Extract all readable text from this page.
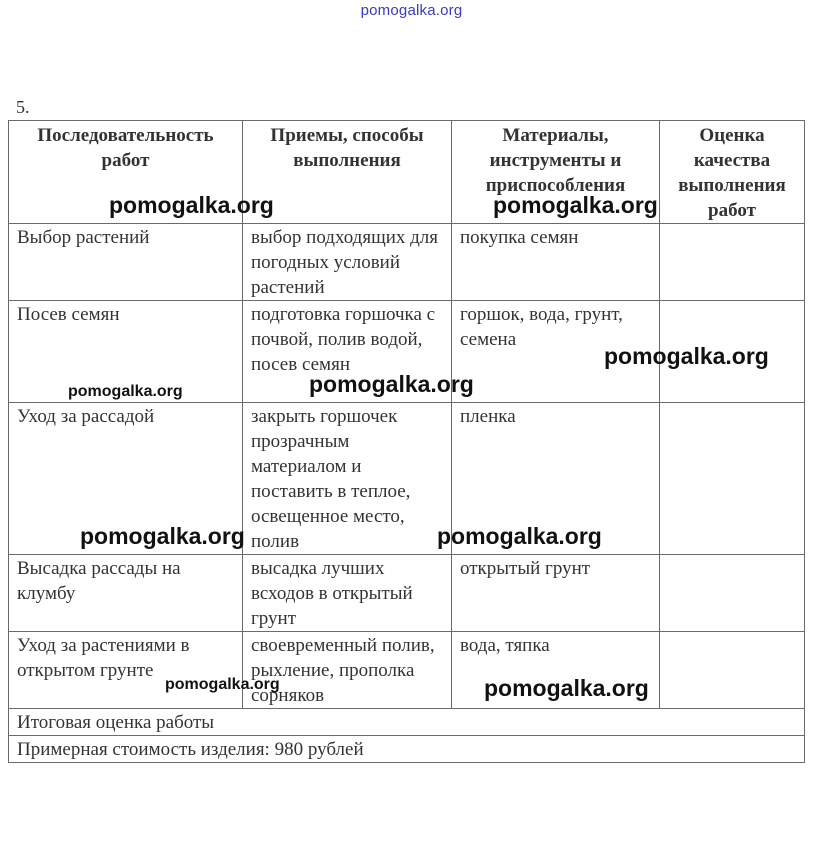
pomogalka.org
5.
Последовательность работ	Приемы, способы выполнения	Материалы, инструменты и приспособления	Оценка качества выполнения работ
Выбор растений	выбор подходящих для погодных условий растений	покупка семян	
Посев семян	подготовка горшочка с почвой, полив водой, посев семян	горшок, вода, грунт, семена	
Уход за рассадой	закрыть горшочек прозрачным материалом и поставить в теплое, освещенное место, полив	пленка	
Высадка рассады на клумбу	высадка лучших всходов в открытый грунт	открытый грунт	
Уход за растениями в открытом грунте	своевременный полив, рыхление, прополка сорняков	вода, тяпка	
Итоговая оценка работы			
Примерная стоимость изделия: 980 рублей			
pomogalka.org	pomogalka.org
pomogalka.org
pomogalka.org
pomogalka.org
pomogalka.org	pomogalka.org
pomogalka.org	pomogalka.org
